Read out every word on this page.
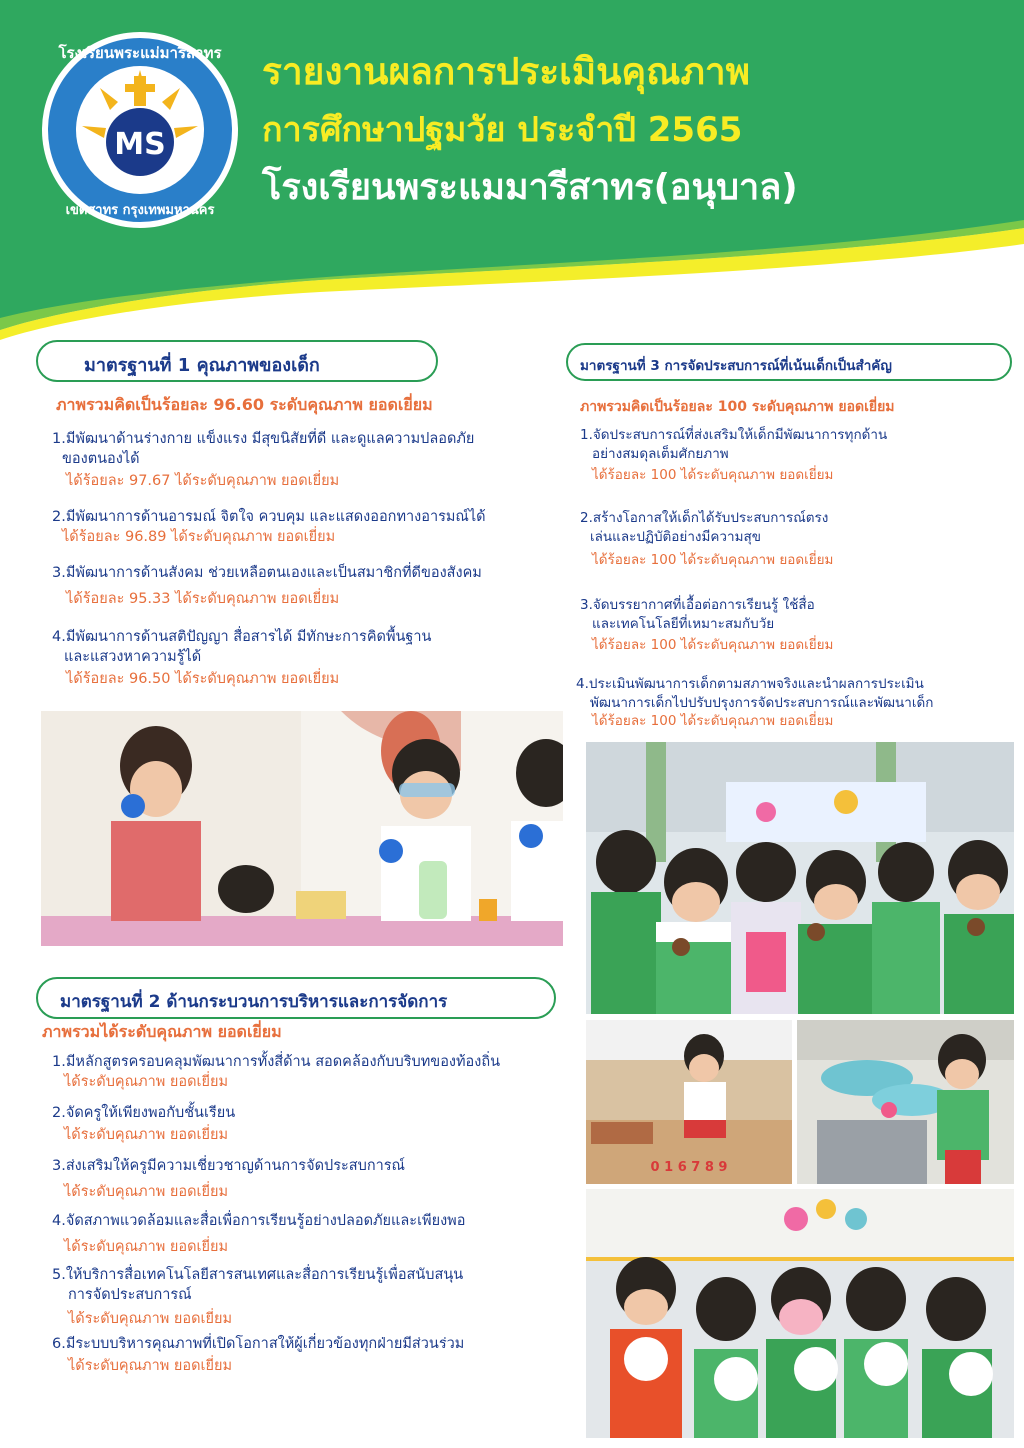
MS
โรงเรียนพระแม่มารีสาทร
เขตสาทร กรุงเทพมหานคร
รายงานผลการประเมินคุณภาพ
การศึกษาปฐมวัย ประจำปี 2565
โรงเรียนพระแมมารีสาทร(อนุบาล)
มาตรฐานที่ 1 คุณภาพของเด็ก

ภาพรวมคิดเป็นร้อยละ 96.60 ระดับคุณภาพ ยอดเยี่ยม

1.มีพัฒนาด้านร่างกาย แข็งแรง มีสุขนิสัยที่ดี และดูแลความปลอดภัย
ของตนองได้
ได้ร้อยละ 97.67 ได้ระดับคุณภาพ ยอดเยี่ยม
2.มีพัฒนาการด้านอารมณ์ จิตใจ ควบคุม และแสดงออกทางอารมณ์ได้
ได้ร้อยละ 96.89 ได้ระดับคุณภาพ ยอดเยี่ยม
3.มีพัฒนาการด้านสังคม ช่วยเหลือตนเองและเป็นสมาชิกที่ดีของสังคม
ได้ร้อยละ 95.33 ได้ระดับคุณภาพ ยอดเยี่ยม
4.มีพัฒนาการด้านสติปัญญา สื่อสารได้ มีทักษะการคิดพื้นฐาน
และแสวงหาความรู้ได้
ได้ร้อยละ 96.50 ได้ระดับคุณภาพ ยอดเยี่ยม
มาตรฐานที่ 2 ด้านกระบวนการบริหารและการจัดการ

ภาพรวมได้ระดับคุณภาพ ยอดเยี่ยม

1.มีหลักสูตรครอบคลุมพัฒนาการทั้งสี่ด้าน สอดคล้องกับบริบทของท้องถิ่น
ได้ระดับคุณภาพ ยอดเยี่ยม
2.จัดครูให้เพียงพอกับชั้นเรียน
ได้ระดับคุณภาพ ยอดเยี่ยม
3.ส่งเสริมให้ครูมีความเชี่ยวชาญด้านการจัดประสบการณ์
ได้ระดับคุณภาพ ยอดเยี่ยม
4.จัดสภาพแวดล้อมและสื่อเพื่อการเรียนรู้อย่างปลอดภัยและเพียงพอ
ได้ระดับคุณภาพ ยอดเยี่ยม
5.ให้บริการสื่อเทคโนโลยีสารสนเทศและสื่อการเรียนรู้เพื่อสนับสนุน
การจัดประสบการณ์
ได้ระดับคุณภาพ ยอดเยี่ยม
6.มีระบบบริหารคุณภาพที่เปิดโอกาสให้ผู้เกี่ยวข้องทุกฝ่ายมีส่วนร่วม
ได้ระดับคุณภาพ ยอดเยี่ยม
มาตรฐานที่ 3 การจัดประสบการณ์ที่เน้นเด็กเป็นสำคัญ

ภาพรวมคิดเป็นร้อยละ 100 ระดับคุณภาพ ยอดเยี่ยม

1.จัดประสบการณ์ที่ส่งเสริมให้เด็กมีพัฒนาการทุกด้าน
อย่างสมดุลเต็มศักยภาพ
ได้ร้อยละ 100 ได้ระดับคุณภาพ ยอดเยี่ยม
2.สร้างโอกาสให้เด็กได้รับประสบการณ์ตรง
เล่นและปฏิบัติอย่างมีความสุข
ได้ร้อยละ 100 ได้ระดับคุณภาพ ยอดเยี่ยม
3.จัดบรรยากาศที่เอื้อต่อการเรียนรู้ ใช้สื่อ
และเทคโนโลยีที่เหมาะสมกับวัย
ได้ร้อยละ 100 ได้ระดับคุณภาพ ยอดเยี่ยม
4.ประเมินพัฒนาการเด็กตามสภาพจริงและนำผลการประเมิน
พัฒนาการเด็กไปปรับปรุงการจัดประสบการณ์และพัฒนาเด็ก
ได้ร้อยละ 100 ได้ระดับคุณภาพ ยอดเยี่ยม
0 1 6 7 8 9
